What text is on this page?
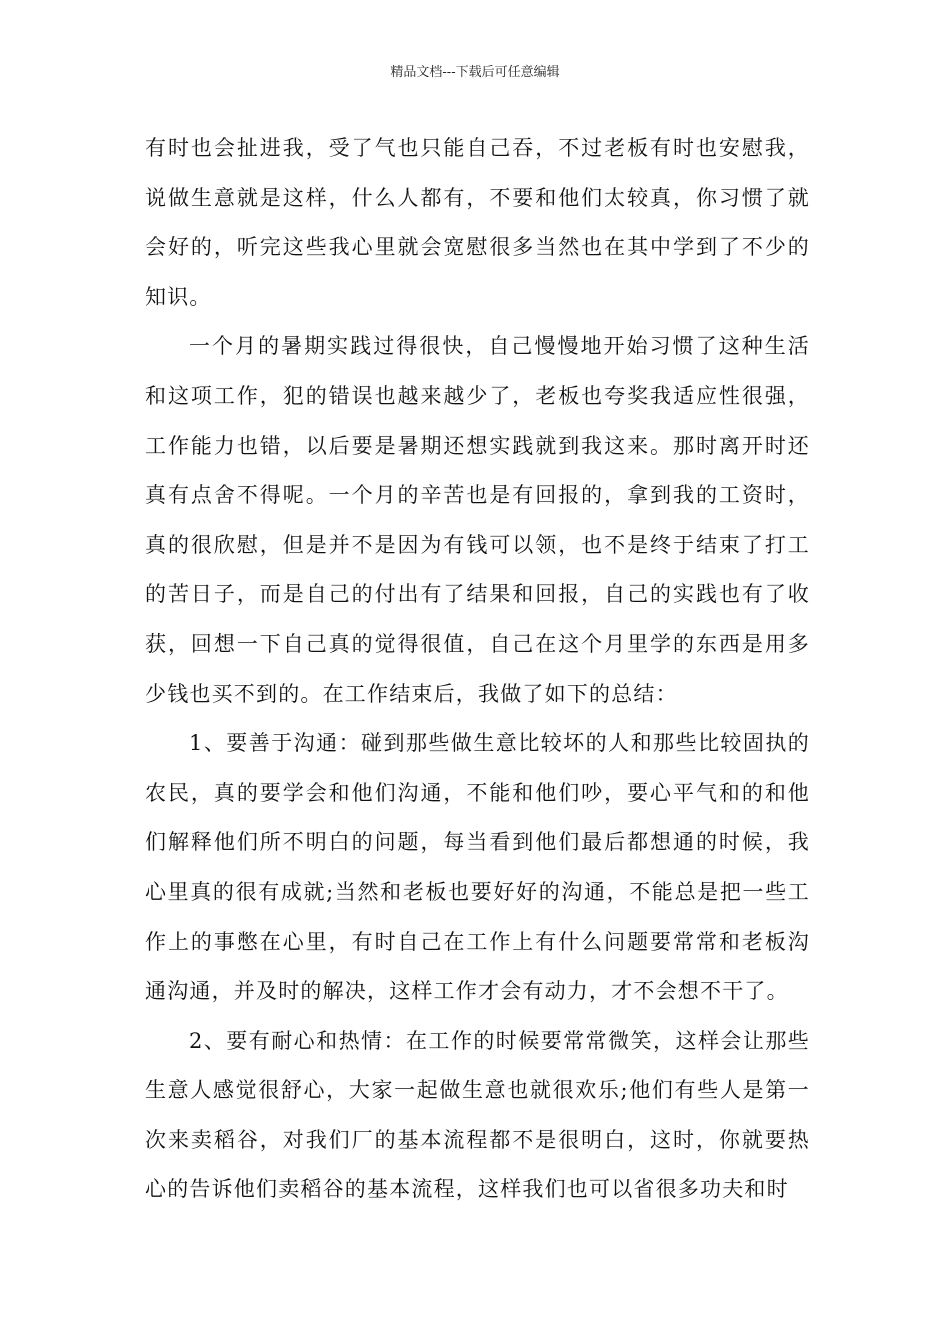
精品文档---下载后可任意编辑

有时也会扯进我，受了气也只能自己吞，不过老板有时也安慰我，说做生意就是这样，什么人都有，不要和他们太较真，你习惯了就会好的，听完这些我心里就会宽慰很多当然也在其中学到了不少的知识。

一个月的暑期实践过得很快，自己慢慢地开始习惯了这种生活和这项工作，犯的错误也越来越少了，老板也夸奖我适应性很强，工作能力也错，以后要是暑期还想实践就到我这来。那时离开时还真有点舍不得呢。一个月的辛苦也是有回报的，拿到我的工资时，真的很欣慰，但是并不是因为有钱可以领，也不是终于结束了打工的苦日子，而是自己的付出有了结果和回报，自己的实践也有了收获，回想一下自己真的觉得很值，自己在这个月里学的东西是用多少钱也买不到的。在工作结束后，我做了如下的总结：

1、要善于沟通：碰到那些做生意比较坏的人和那些比较固执的农民，真的要学会和他们沟通，不能和他们吵，要心平气和的和他们解释他们所不明白的问题，每当看到他们最后都想通的时候，我心里真的很有成就;当然和老板也要好好的沟通，不能总是把一些工作上的事憋在心里，有时自己在工作上有什么问题要常常和老板沟通沟通，并及时的解决，这样工作才会有动力，才不会想不干了。

2、要有耐心和热情：在工作的时候要常常微笑，这样会让那些生意人感觉很舒心，大家一起做生意也就很欢乐;他们有些人是第一次来卖稻谷，对我们厂的基本流程都不是很明白，这时，你就要热心的告诉他们卖稻谷的基本流程，这样我们也可以省很多功夫和时
